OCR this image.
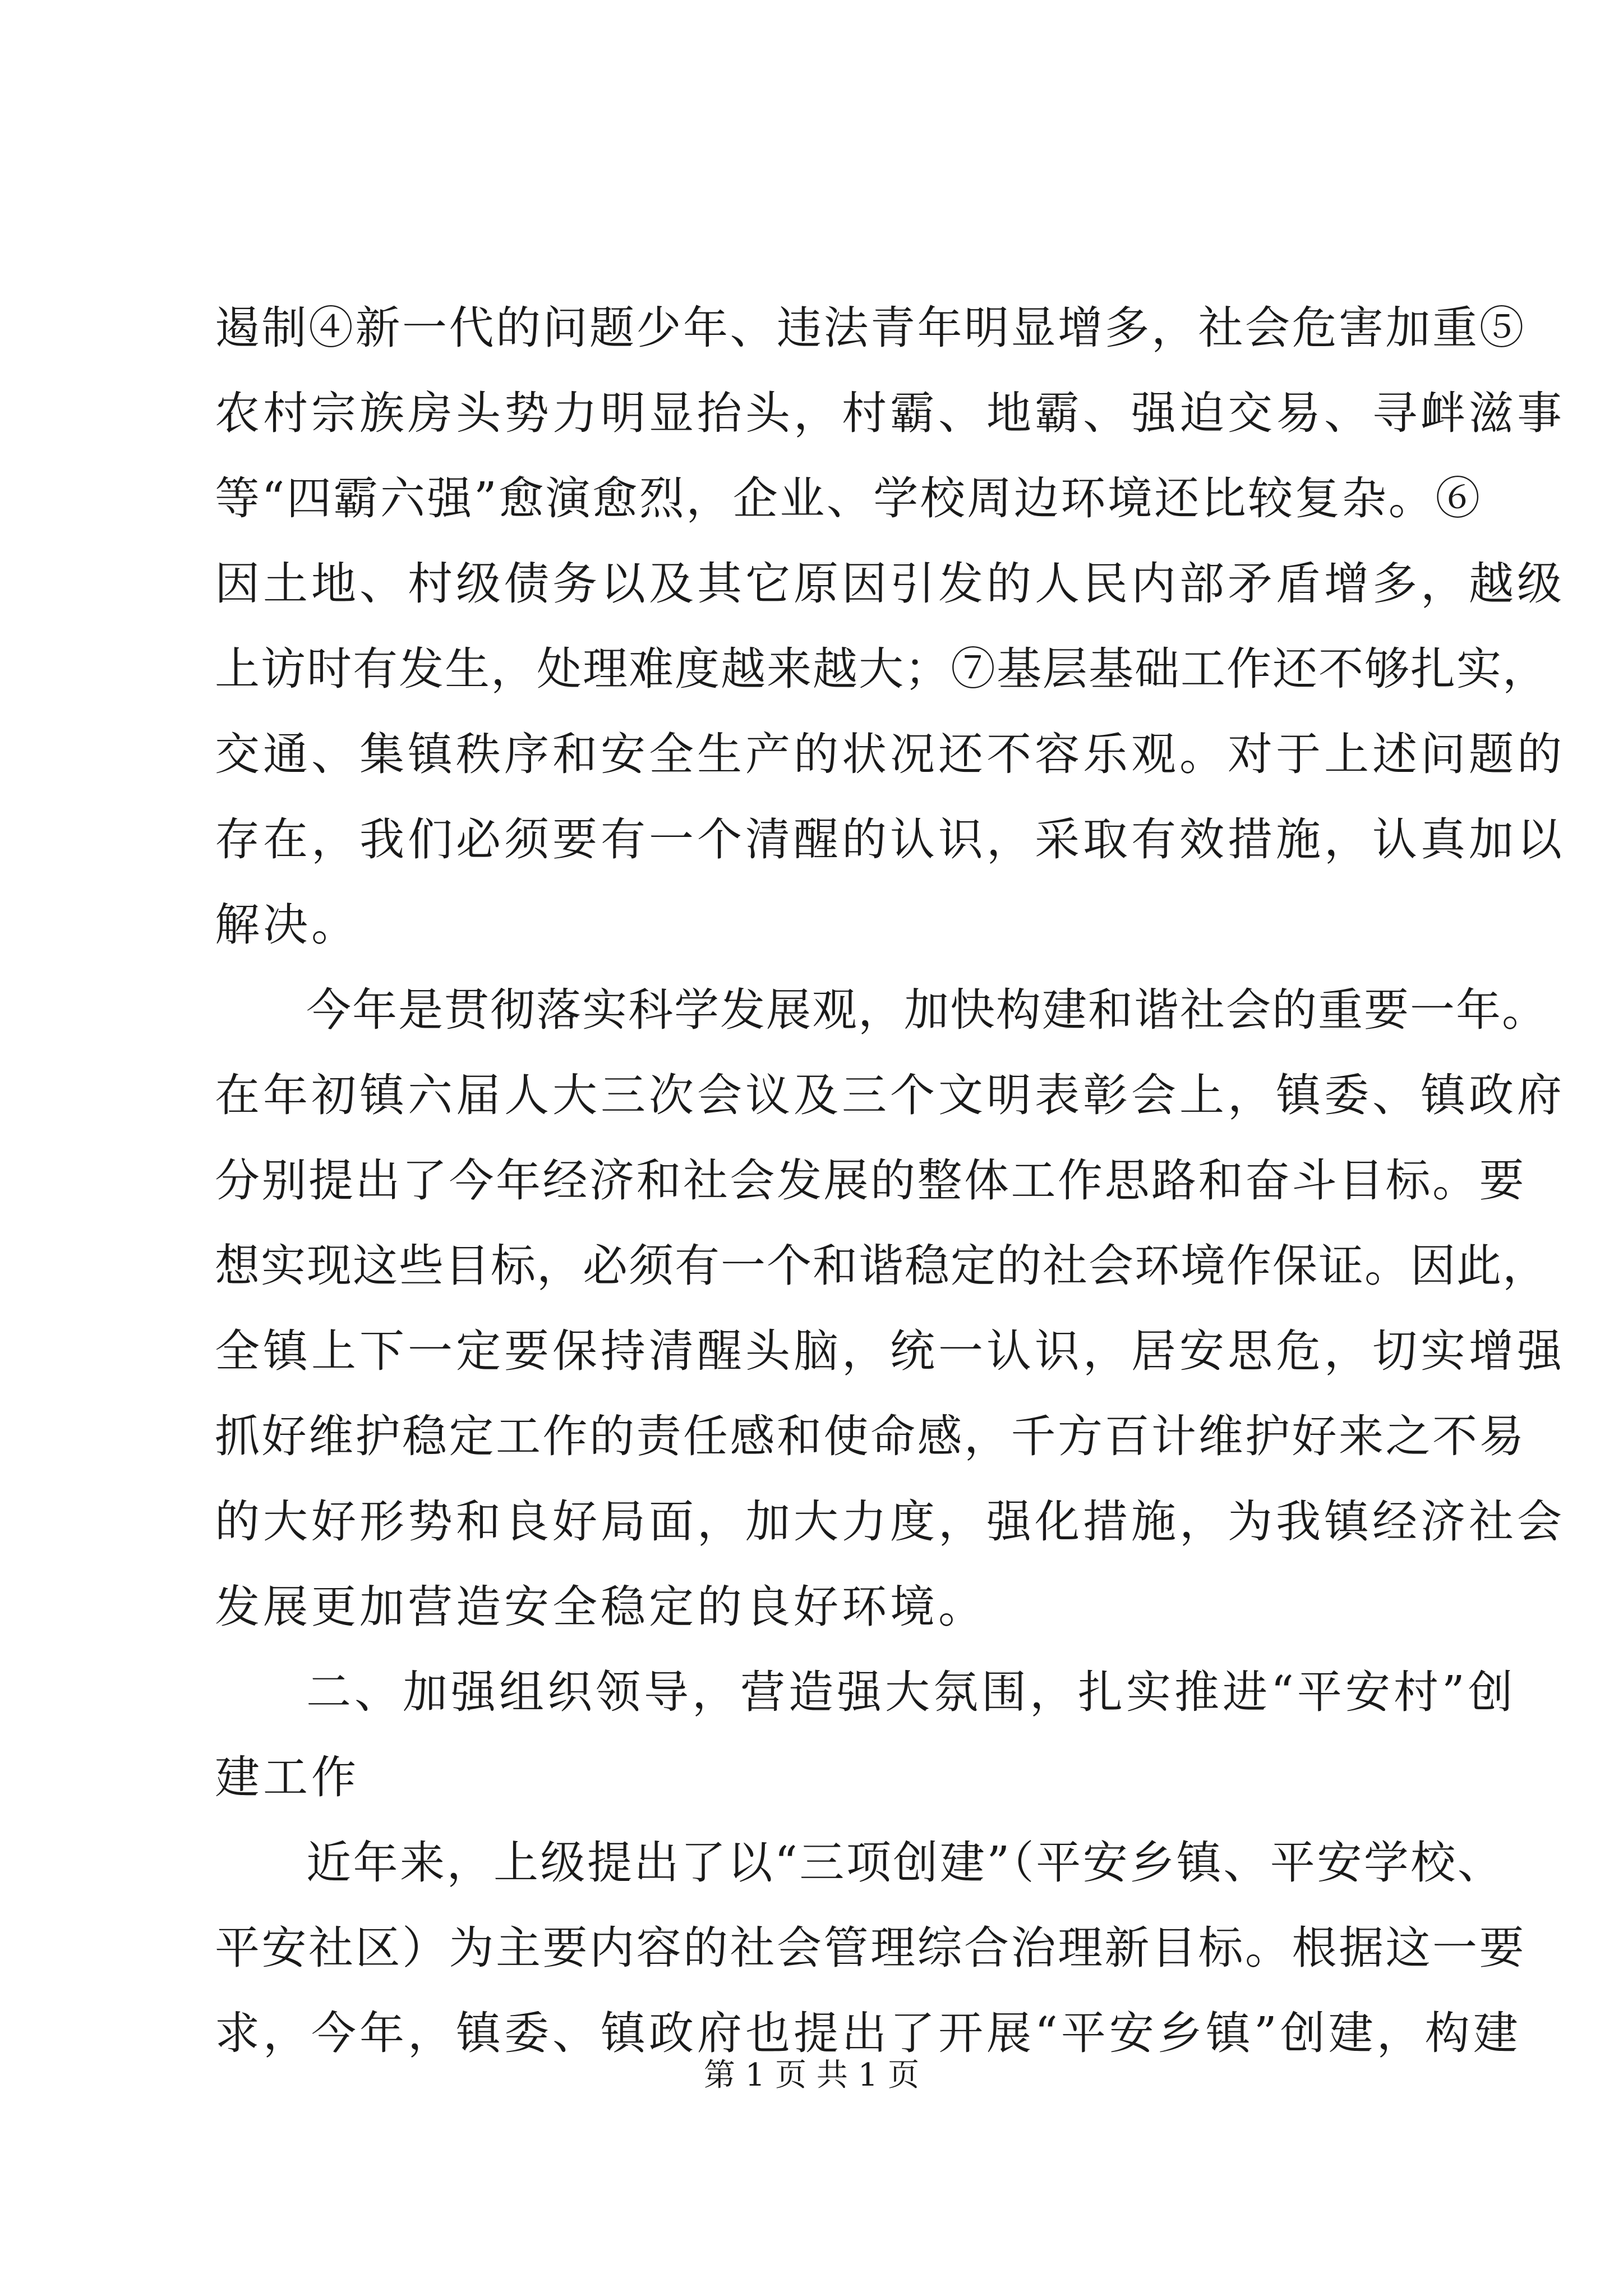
遏制④新一代的问题少年、违法青年明显增多，社会危害加重⑤
农村宗族房头势力明显抬头，村霸、地霸、强迫交易、寻衅滋事
等“四霸六强”愈演愈烈，企业、学校周边环境还比较复杂。⑥
因土地、村级债务以及其它原因引发的人民内部矛盾增多，越级
上访时有发生，处理难度越来越大；⑦基层基础工作还不够扎实，
交通、集镇秩序和安全生产的状况还不容乐观。对于上述问题的
存在，我们必须要有一个清醒的认识，采取有效措施，认真加以
解决。
今年是贯彻落实科学发展观，加快构建和谐社会的重要一年。
在年初镇六届人大三次会议及三个文明表彰会上，镇委、镇政府
分别提出了今年经济和社会发展的整体工作思路和奋斗目标。要
想实现这些目标，必须有一个和谐稳定的社会环境作保证。因此，
全镇上下一定要保持清醒头脑，统一认识，居安思危，切实增强
抓好维护稳定工作的责任感和使命感，千方百计维护好来之不易
的大好形势和良好局面，加大力度，强化措施，为我镇经济社会
发展更加营造安全稳定的良好环境。
二、加强组织领导，营造强大氛围，扎实推进“平安村”创
建工作
近年来，上级提出了以“三项创建”（平安乡镇、平安学校、
平安社区）为主要内容的社会管理综合治理新目标。根据这一要
求，今年，镇委、镇政府也提出了开展“平安乡镇”创建，构建
第 1 页 共 1 页
